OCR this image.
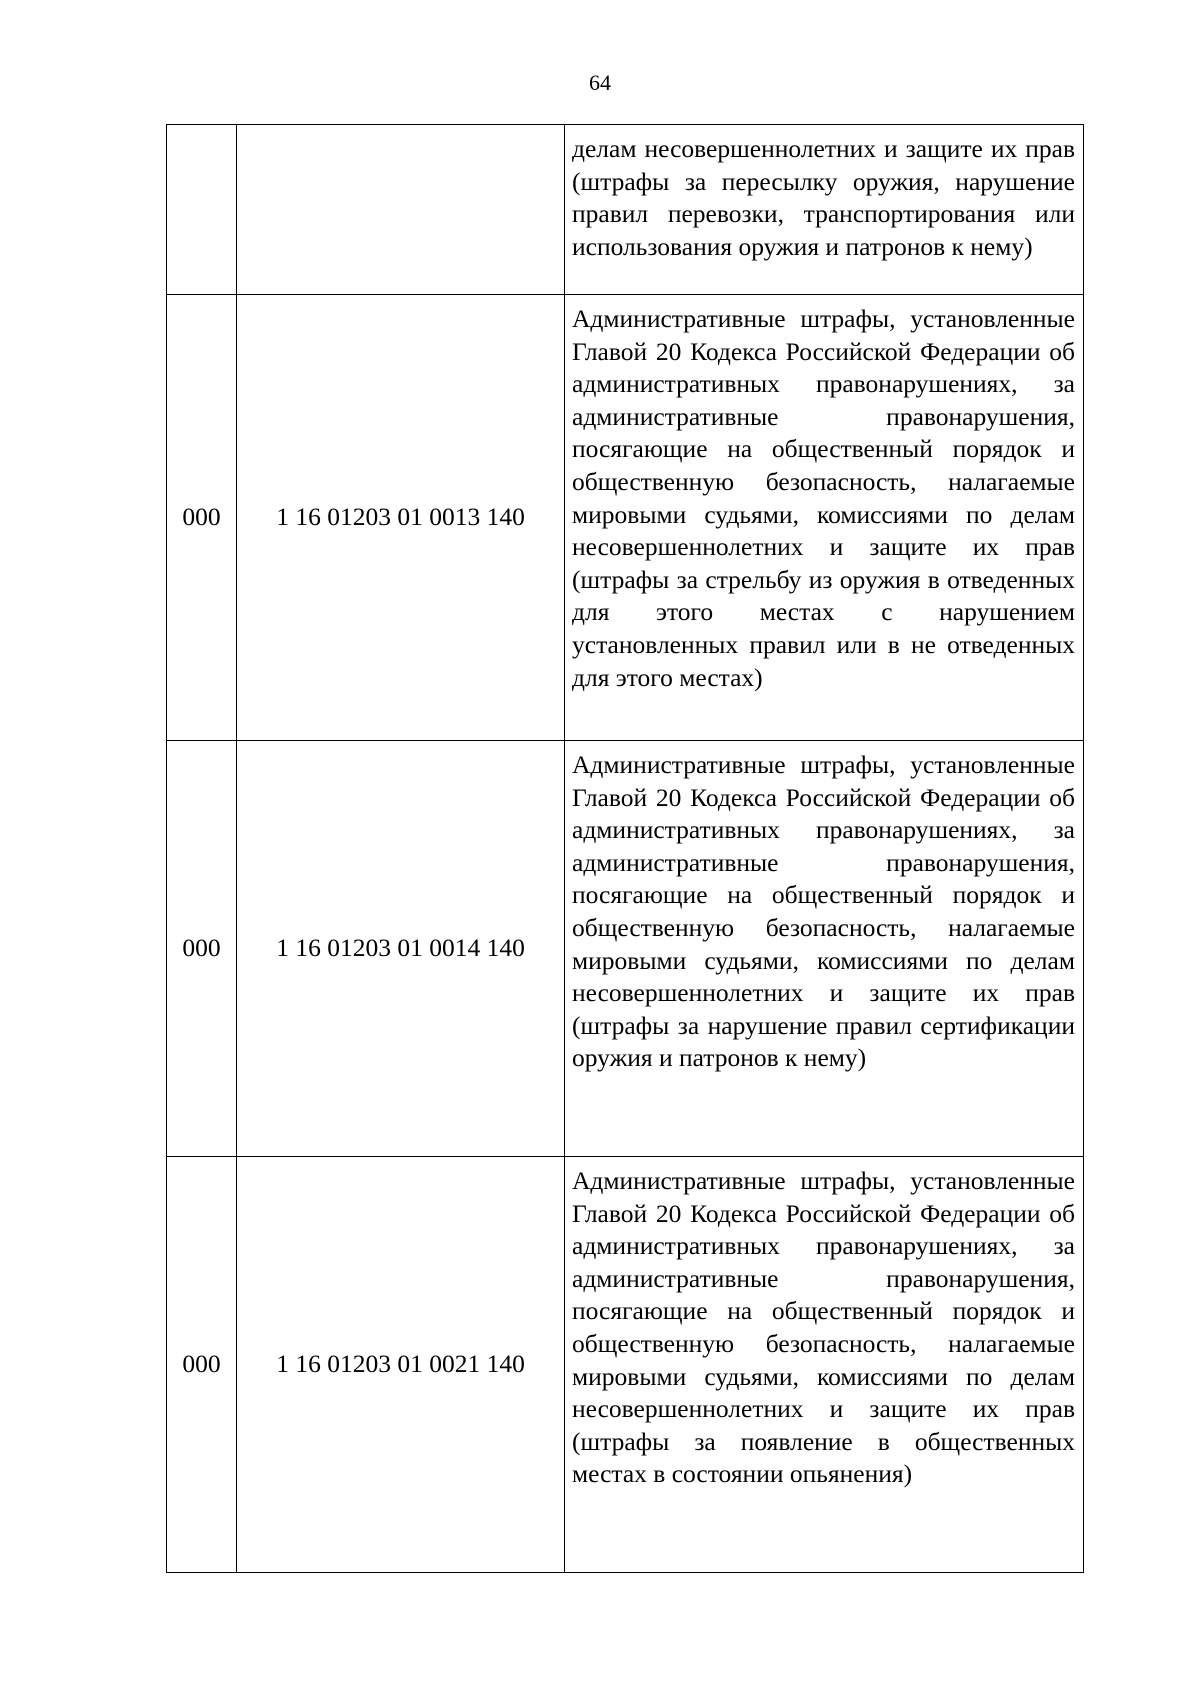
64
		делам несовершеннолетних и защите их прав (штрафы за пересылку оружия, нарушение правил перевозки, транспортирования или использования оружия и патронов к нему)
000	1 16 01203 01 0013 140	Административные штрафы, установленные Главой 20 Кодекса Российской Федерации об административных правонарушениях, за административные правонарушения, посягающие на общественный порядок и общественную безопасность, налагаемые мировыми судьями, комиссиями по делам несовершеннолетних и защите их прав (штрафы за стрельбу из оружия в отведенных для этого местах с нарушением установленных правил или в не отведенных для этого местах)
000	1 16 01203 01 0014 140	Административные штрафы, установленные Главой 20 Кодекса Российской Федерации об административных правонарушениях, за административные правонарушения, посягающие на общественный порядок и общественную безопасность, налагаемые мировыми судьями, комиссиями по делам несовершеннолетних и защите их прав (штрафы за нарушение правил сертификации оружия и патронов к нему)
000	1 16 01203 01 0021 140	Административные штрафы, установленные Главой 20 Кодекса Российской Федерации об административных правонарушениях, за административные правонарушения, посягающие на общественный порядок и общественную безопасность, налагаемые мировыми судьями, комиссиями по делам несовершеннолетних и защите их прав (штрафы за появление в общественных местах в состоянии опьянения)
